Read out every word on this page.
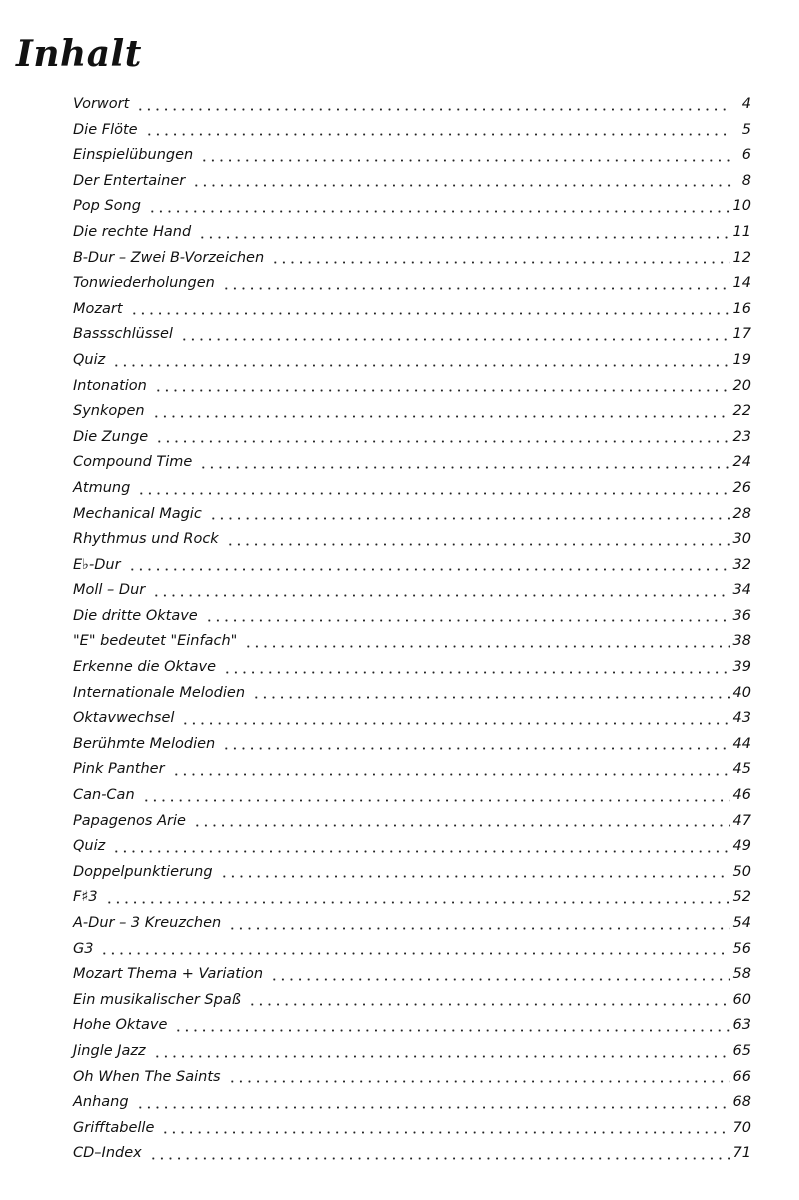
Inhalt
Vorwort	4
Die Flöte	5
Einspielübungen	6
Der Entertainer	8
Pop Song	10
Die rechte Hand	11
B-Dur – Zwei B-Vorzeichen	12
Tonwiederholungen	14
Mozart	16
Bassschlüssel	17
Quiz	19
Intonation	20
Synkopen	22
Die Zunge	23
Compound Time	24
Atmung	26
Mechanical Magic	28
Rhythmus und Rock	30
E♭-Dur	32
Moll – Dur	34
Die dritte Oktave	36
"E" bedeutet "Einfach"	38
Erkenne die Oktave	39
Internationale Melodien	40
Oktavwechsel	43
Berühmte Melodien	44
Pink Panther	45
Can-Can	46
Papagenos Arie	47
Quiz	49
Doppelpunktierung	50
F♯3	52
A-Dur – 3 Kreuzchen	54
G3	56
Mozart Thema + Variation	58
Ein musikalischer Spaß	60
Hohe Oktave	63
Jingle Jazz	65
Oh When The Saints	66
Anhang	68
Grifftabelle	70
CD–Index	71
